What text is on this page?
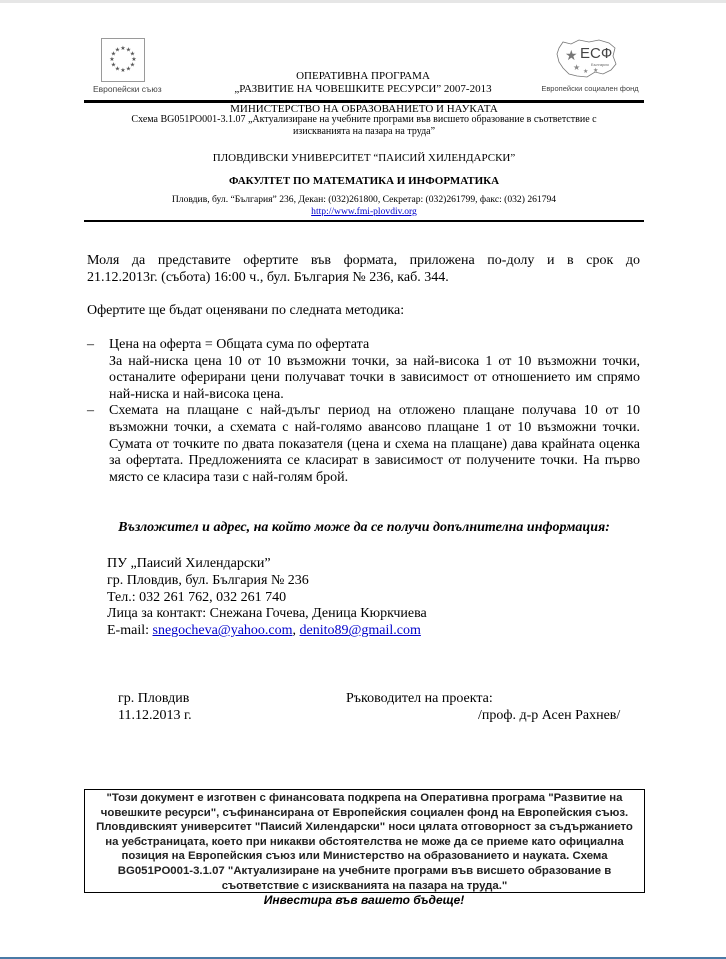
★ ★
★
★
★
★
★
★
★
★
★
★
Европейски съюз
★
★ ★ ★
ЕСФ
България
Европейски социален фонд
ОПЕРАТИВНА ПРОГРАМА
„РАЗВИТИЕ НА ЧОВЕШКИТЕ РЕСУРСИ” 2007-2013
МИНИСТЕРСТВО НА ОБРАЗОВАНИЕТО И НАУКАТА
Схема BG051PO001-3.1.07 „Актуализиране на учебните програми във висшето образование в съответствие с
изискванията на пазара на труда”
ПЛОВДИВСКИ УНИВЕРСИТЕТ “ПАИСИЙ ХИЛЕНДАРСКИ”
ФАКУЛТЕТ ПО МАТЕМАТИКА И ИНФОРМАТИКА
Пловдив, бул. “България” 236, Декан: (032)261800, Секретар: (032)261799, факс: (032) 261794
http://www.fmi-plovdiv.org
Моля да представите офертите във формата, приложена по-долу и в срок до
21.12.2013г. (събота) 16:00 ч., бул. България № 236, каб. 344.
Офертите ще бъдат оценявани по следната методика:
– Цена на оферта = Общата сума по офертата
За най-ниска цена 10 от 10 възможни точки, за най-висока 1 от 10 възможни точки, останалите оферирани цени получават точки в зависимост от отношението им спрямо най-ниска и най-висока цена.
– Схемата на плащане с най-дълъг период на отложено плащане получава 10 от 10 възможни точки, а схемата с най-голямо авансово плащане 1 от 10 възможни точки. Сумата от точките по двата показателя (цена и схема на плащане) дава крайната оценка за офертата. Предложенията се класират в зависимост от получените точки. На първо място се класира тази с най-голям брой.
Възложител и адрес, на който може да се получи допълнителна информация:
ПУ „Паисий Хилендарски”
гр. Пловдив, бул. България № 236
Тел.: 032 261 762, 032 261 740
Лица за контакт: Снежана Гочева, Деница Кюркчиева
E-mail: snegocheva@yahoo.com, denito89@gmail.com
гр. Пловдив
11.12.2013 г.
Ръководител на проекта:
/проф. д-р Асен Рахнев/
"Този документ е изготвен с финансовата подкрепа на Оперативна програма "Развитие на човешките ресурси", съфинансирана от Европейския социален фонд на Европейския съюз. Пловдивският университет "Паисий Хилендарски" носи цялата отговорност за съдържанието на уебстраницата, което при никакви обстоятелства не може да се приеме като официална позиция на Европейския съюз или Министерство на образованието и науката. Схема BG051PO001-3.1.07 "Актуализиране на учебните програми във висшето образование в съответствие с изискванията на пазара на труда."
Инвестира във вашето бъдеще!
